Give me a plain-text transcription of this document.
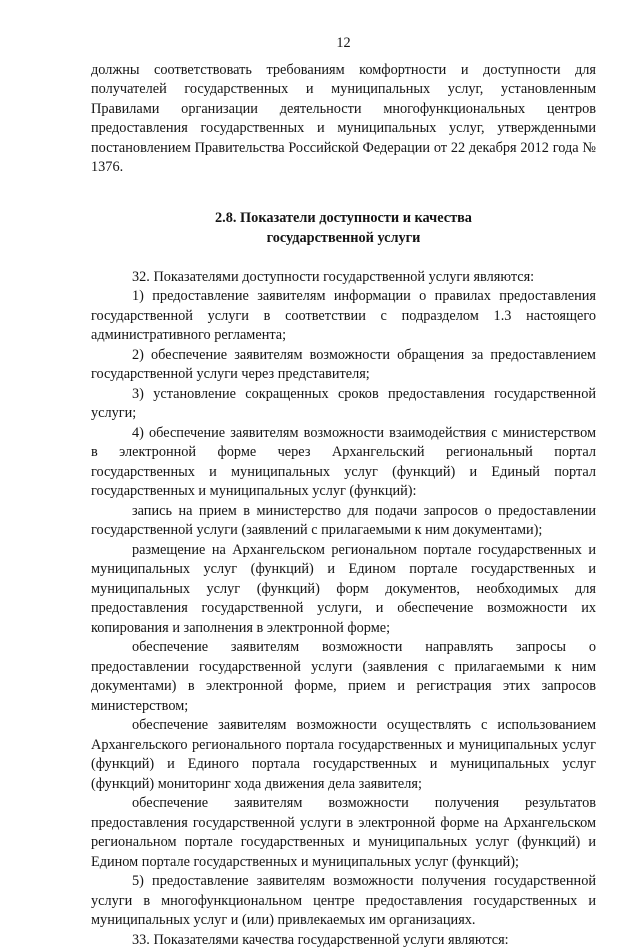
12

должны соответствовать требованиям комфортности и доступности для получателей государственных и муниципальных услуг, установленным Правилами организации деятельности многофункциональных центров предоставления государственных и муниципальных услуг, утвержденными постановлением Правительства Российской Федерации от 22 декабря 2012 года № 1376.

2.8. Показатели доступности и качества
государственной услуги

32. Показателями доступности государственной услуги являются:

1) предоставление заявителям информации о правилах предоставления государственной услуги в соответствии с подразделом 1.3 настоящего административного регламента;

2) обеспечение заявителям возможности обращения за предоставлением государственной услуги через представителя;

3) установление сокращенных сроков предоставления государственной услуги;

4) обеспечение заявителям возможности взаимодействия с министерством в электронной форме через Архангельский региональный портал государственных и муниципальных услуг (функций) и Единый портал государственных и муниципальных услуг (функций):

запись на прием в министерство для подачи запросов о предоставлении государственной услуги (заявлений с прилагаемыми к ним документами);

размещение на Архангельском региональном портале государственных и муниципальных услуг (функций) и Едином портале государственных и муниципальных услуг (функций) форм документов, необходимых для предоставления государственной услуги, и обеспечение возможности их копирования и заполнения в электронной форме;

обеспечение заявителям возможности направлять запросы о предоставлении государственной услуги (заявления с прилагаемыми к ним документами) в электронной форме, прием и регистрация этих запросов министерством;

обеспечение заявителям возможности осуществлять с использованием Архангельского регионального портала государственных и муниципальных услуг (функций) и Единого портала государственных и муниципальных услуг (функций) мониторинг хода движения дела заявителя;

обеспечение заявителям возможности получения результатов предоставления государственной услуги в электронной форме на Архангельском региональном портале государственных и муниципальных услуг (функций) и Едином портале государственных и муниципальных услуг (функций);

5) предоставление заявителям возможности получения государственной услуги в многофункциональном центре предоставления государственных и муниципальных услуг и (или) привлекаемых им организациях.

33. Показателями качества государственной услуги являются:
